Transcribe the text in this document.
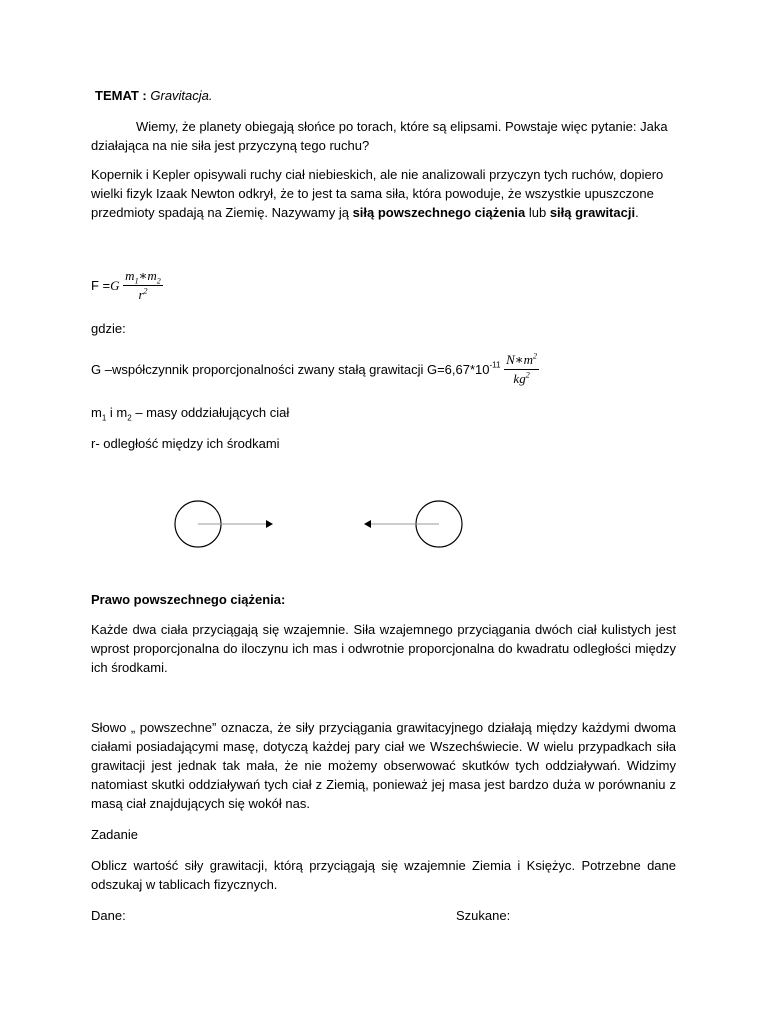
TEMAT : Gravitacja.

Wiemy, że planety obiegają słońce po torach, które są elipsami. Powstaje więc pytanie: Jaka działająca na nie siła jest przyczyną tego ruchu?

Kopernik i Kepler opisywali ruchy ciał niebieskich, ale nie analizowali przyczyn tych ruchów, dopiero wielki fizyk Izaak Newton odkrył, że to jest ta sama siła, która powoduje, że wszystkie upuszczone przedmioty spadają na Ziemię. Nazywamy ją siłą powszechnego ciążenia lub siłą grawitacji.

$F =G \frac{m_1∗m_2}{r^2}$

gdzie:

G –współczynnik proporcjonalności zwany stałą grawitacji $G=6,67*10^{-11} \frac{N∗m^2}{kg^2}$

$m_1$ i $m_2$ – masy oddziałujących ciał

r- odległość między ich środkami

Prawo powszechnego ciążenia:

Każde dwa ciała przyciągają się wzajemnie. Siła wzajemnego przyciągania dwóch ciał kulistych jest wprost proporcjonalna do iloczynu ich mas i odwrotnie proporcjonalna do kwadratu odległości między ich środkami.

Słowo „ powszechne” oznacza, że siły przyciągania grawitacyjnego działają między każdymi dwoma ciałami posiadającymi masę, dotyczą każdej pary ciał we Wszechświecie. W wielu przypadkach siła grawitacji jest jednak tak mała, że nie możemy obserwować skutków tych oddziaływań. Widzimy natomiast skutki oddziaływań tych ciał z Ziemią, ponieważ jej masa jest bardzo duża w porównaniu z masą ciał znajdujących się wokół nas.

Zadanie

Oblicz wartość siły grawitacji, którą przyciągają się wzajemnie Ziemia i Księżyc. Potrzebne dane odszukaj w tablicach fizycznych.

Dane:	Szukane:
